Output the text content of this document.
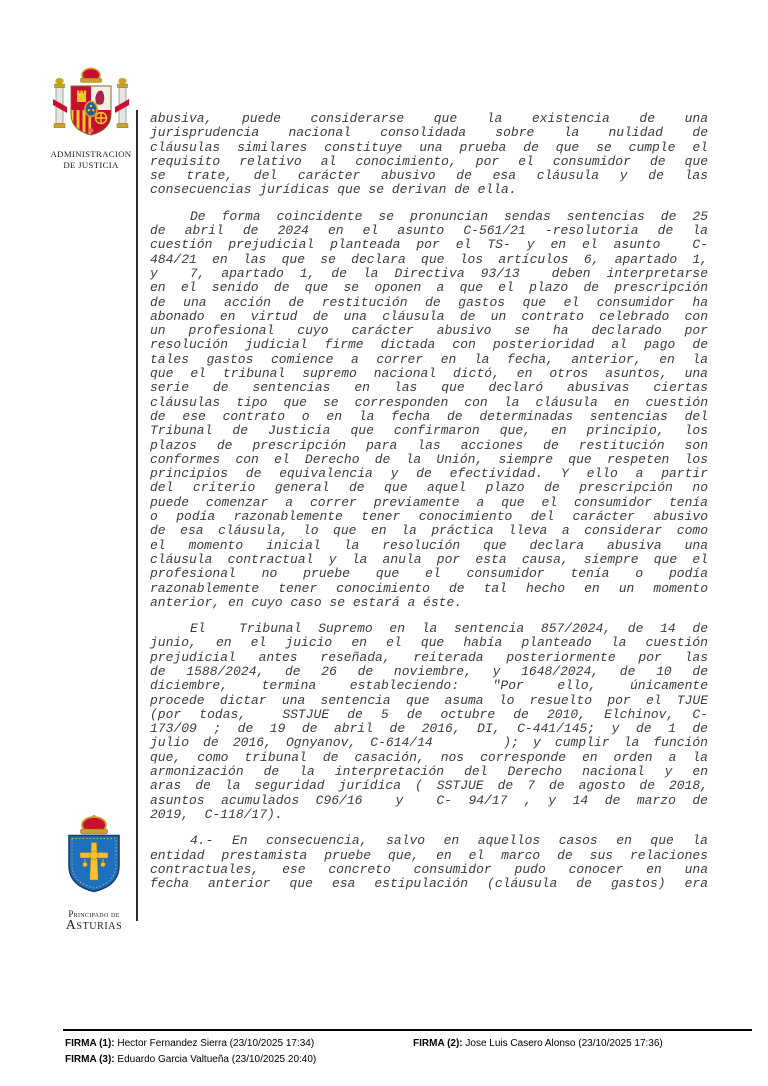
ADMINISTRACION
DE JUSTICIA
abusiva, puede considerarse que la existencia de una
jurisprudencia nacional consolidada sobre la nulidad de
cláusulas similares constituye una prueba de que se cumple el
requisito relativo al conocimiento, por el consumidor de que
se trate, del carácter abusivo de esa cláusula y de las
consecuencias jurídicas que se derivan de ella.
De forma coincidente se pronuncian sendas sentencias de 25
de abril de 2024 en el asunto C-561/21 -resolutoria de la
cuestión prejudicial planteada por el TS- y en el asunto  C-
484/21 en las que se declara que los artículos 6, apartado 1,
y  7, apartado 1, de la Directiva 93/13  deben interpretarse
en el senido de que se oponen a que el plazo de prescripción
de una acción de restitución de gastos que el consumidor ha
abonado en virtud de una cláusula de un contrato celebrado con
un profesional cuyo carácter abusivo se ha declarado por
resolución judicial firme dictada con posterioridad al pago de
tales gastos comience a correr en la fecha, anterior, en la
que el tribunal supremo nacional dictó, en otros asuntos, una
serie de sentencias en las que declaró abusivas ciertas
cláusulas tipo que se corresponden con la cláusula en cuestión
de ese contrato o en la fecha de determinadas sentencias del
Tribunal de Justicia que confirmaron que, en principio, los
plazos de prescripción para las acciones de restitución son
conformes con el Derecho de la Unión, siempre que respeten los
principios de equivalencia y de efectividad. Y ello a partir
del criterio general de que aquel plazo de prescripción no
puede comenzar a correr previamente a que el consumidor tenía
o podía razonablemente tener conocimiento del carácter abusivo
de esa cláusula, lo que en la práctica lleva a considerar como
el momento inicial la resolución que declara abusiva una
cláusula contractual y la anula por esta causa, siempre que el
profesional no pruebe que el consumidor tenía o podía
razonablemente tener conocimiento de tal hecho en un momento
anterior, en cuyo caso se estará a éste.
El  Tribunal Supremo en la sentencia 857/2024, de 14 de
junio, en el juicio en el que había planteado la cuestión
prejudicial antes reseñada, reiterada posteriormente por las
de 1588/2024, de 26 de noviembre, y 1648/2024, de 10 de
diciembre, termina estableciendo: "Por ello, únicamente
procede dictar una sentencia que asuma lo resuelto por el TJUE
(por todas,  SSTJUE de 5 de octubre de 2010, Elchinov, C-
173/09 ; de 19 de abril de 2016, DI, C-441/145; y de 1 de
julio de 2016, Ognyanov, C-614/14     ); y cumplir la función
que, como tribunal de casación, nos corresponde en orden a la
armonización de la interpretación del Derecho nacional y en
aras de la seguridad jurídica ( SSTJUE de 7 de agosto de 2018,
asuntos acumulados C96/16  y  C- 94/17 , y 14 de marzo de
2019,  C-118/17).
4.- En consecuencia, salvo en aquellos casos en que la
entidad prestamista pruebe que, en el marco de sus relaciones
contractuales, ese concreto consumidor pudo conocer en una
fecha anterior que esa estipulación (cláusula de gastos) era
Principado de
Asturias
FIRMA (1): Hector Fernandez Sierra (23/10/2025 17:34)	FIRMA (2): Jose Luis Casero Alonso (23/10/2025 17:36)
FIRMA (3): Eduardo Garcia Valtueña (23/10/2025 20:40)
